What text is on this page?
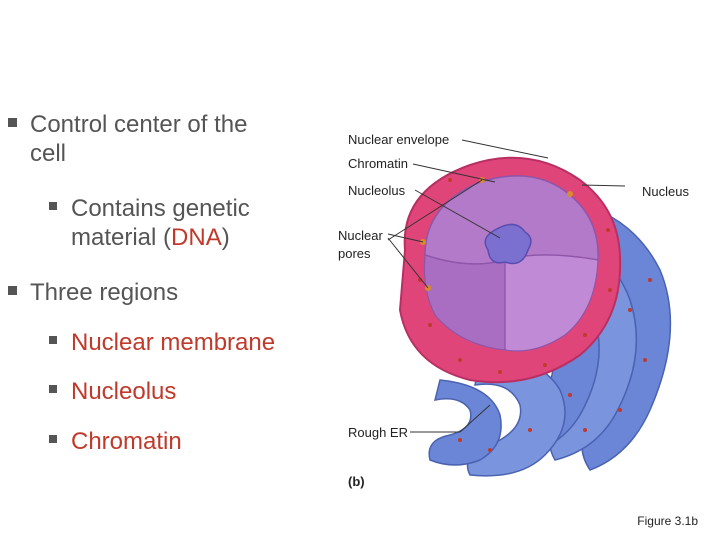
Control center of the
cell
Contains genetic
material (DNA)
Three regions
Nuclear membrane
Nucleolus
Chromatin
Nuclear envelope
Chromatin
Nucleolus	Nucleus
Nuclear
pores
Rough ER
(b)
Figure 3.1b
